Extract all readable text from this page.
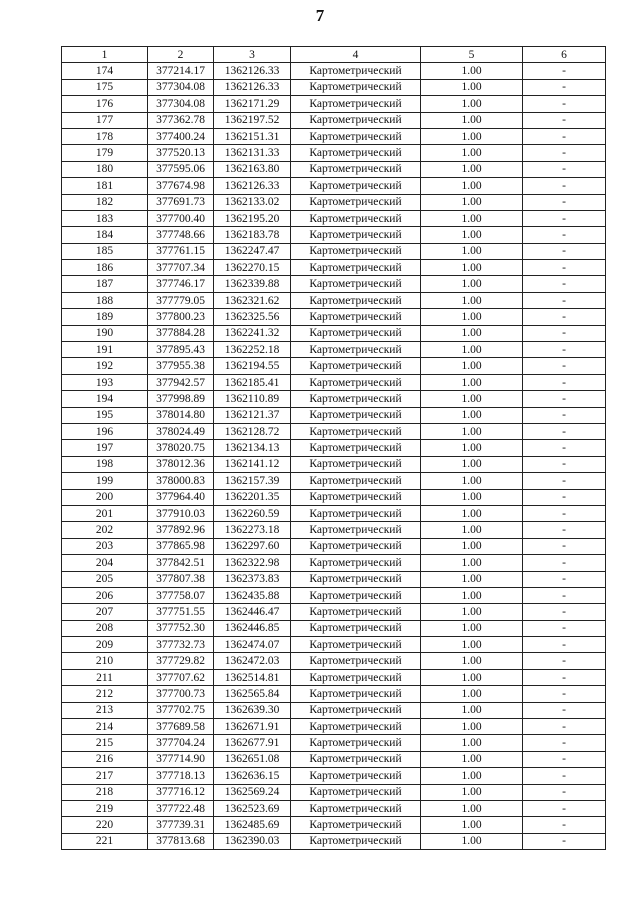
7
1	2	3	4	5	6
174	377214.17	1362126.33	Картометрический	1.00	-
175	377304.08	1362126.33	Картометрический	1.00	-
176	377304.08	1362171.29	Картометрический	1.00	-
177	377362.78	1362197.52	Картометрический	1.00	-
178	377400.24	1362151.31	Картометрический	1.00	-
179	377520.13	1362131.33	Картометрический	1.00	-
180	377595.06	1362163.80	Картометрический	1.00	-
181	377674.98	1362126.33	Картометрический	1.00	-
182	377691.73	1362133.02	Картометрический	1.00	-
183	377700.40	1362195.20	Картометрический	1.00	-
184	377748.66	1362183.78	Картометрический	1.00	-
185	377761.15	1362247.47	Картометрический	1.00	-
186	377707.34	1362270.15	Картометрический	1.00	-
187	377746.17	1362339.88	Картометрический	1.00	-
188	377779.05	1362321.62	Картометрический	1.00	-
189	377800.23	1362325.56	Картометрический	1.00	-
190	377884.28	1362241.32	Картометрический	1.00	-
191	377895.43	1362252.18	Картометрический	1.00	-
192	377955.38	1362194.55	Картометрический	1.00	-
193	377942.57	1362185.41	Картометрический	1.00	-
194	377998.89	1362110.89	Картометрический	1.00	-
195	378014.80	1362121.37	Картометрический	1.00	-
196	378024.49	1362128.72	Картометрический	1.00	-
197	378020.75	1362134.13	Картометрический	1.00	-
198	378012.36	1362141.12	Картометрический	1.00	-
199	378000.83	1362157.39	Картометрический	1.00	-
200	377964.40	1362201.35	Картометрический	1.00	-
201	377910.03	1362260.59	Картометрический	1.00	-
202	377892.96	1362273.18	Картометрический	1.00	-
203	377865.98	1362297.60	Картометрический	1.00	-
204	377842.51	1362322.98	Картометрический	1.00	-
205	377807.38	1362373.83	Картометрический	1.00	-
206	377758.07	1362435.88	Картометрический	1.00	-
207	377751.55	1362446.47	Картометрический	1.00	-
208	377752.30	1362446.85	Картометрический	1.00	-
209	377732.73	1362474.07	Картометрический	1.00	-
210	377729.82	1362472.03	Картометрический	1.00	-
211	377707.62	1362514.81	Картометрический	1.00	-
212	377700.73	1362565.84	Картометрический	1.00	-
213	377702.75	1362639.30	Картометрический	1.00	-
214	377689.58	1362671.91	Картометрический	1.00	-
215	377704.24	1362677.91	Картометрический	1.00	-
216	377714.90	1362651.08	Картометрический	1.00	-
217	377718.13	1362636.15	Картометрический	1.00	-
218	377716.12	1362569.24	Картометрический	1.00	-
219	377722.48	1362523.69	Картометрический	1.00	-
220	377739.31	1362485.69	Картометрический	1.00	-
221	377813.68	1362390.03	Картометрический	1.00	-
